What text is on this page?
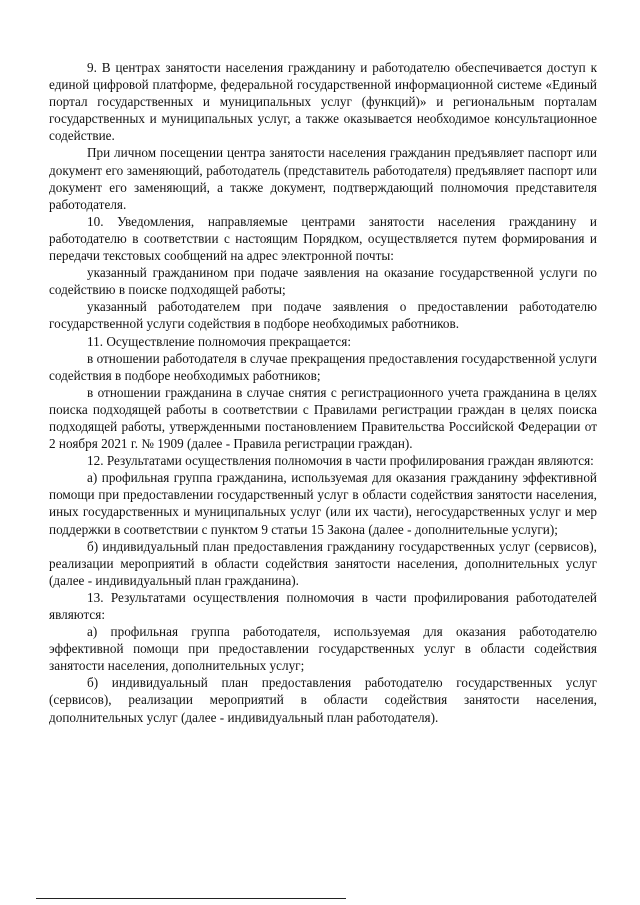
9. В центрах занятости населения гражданину и работодателю обеспечивается доступ к единой цифровой платформе, федеральной государственной информационной системе «Единый портал государственных и муниципальных услуг (функций)» и региональным порталам государственных и муниципальных услуг, а также оказывается необходимое консультационное содействие.

При личном посещении центра занятости населения гражданин предъявляет паспорт или документ его заменяющий, работодатель (представитель работодателя) предъявляет паспорт или документ его заменяющий, а также документ, подтверждающий полномочия представителя работодателя.

10. Уведомления, направляемые центрами занятости населения гражданину и работодателю в соответствии с настоящим Порядком, осуществляется путем формирования и передачи текстовых сообщений на адрес электронной почты:

указанный гражданином при подаче заявления на оказание государственной услуги по содействию в поиске подходящей работы;

указанный работодателем при подаче заявления о предоставлении работодателю государственной услуги содействия в подборе необходимых работников.

11. Осуществление полномочия прекращается:

в отношении работодателя в случае прекращения предоставления государственной услуги содействия в подборе необходимых работников;

в отношении гражданина в случае снятия с регистрационного учета гражданина в целях поиска подходящей работы в соответствии с Правилами регистрации граждан в целях поиска подходящей работы, утвержденными постановлением Правительства Российской Федерации от 2 ноября 2021 г. № 1909 (далее - Правила регистрации граждан).

12. Результатами осуществления полномочия в части профилирования граждан являются:

а) профильная группа гражданина, используемая для оказания гражданину эффективной помощи при предоставлении государственный услуг в области содействия занятости населения, иных государственных и муниципальных услуг (или их части), негосударственных услуг и мер поддержки в соответствии с пунктом 9 статьи 15 Закона (далее - дополнительные услуги);

б) индивидуальный план предоставления гражданину государственных услуг (сервисов), реализации мероприятий в области содействия занятости населения, дополнительных услуг (далее - индивидуальный план гражданина).

13. Результатами осуществления полномочия в части профилирования работодателей являются:

а) профильная группа работодателя, используемая для оказания работодателю эффективной помощи при предоставлении государственных услуг в области содействия занятости населения, дополнительных услуг;

б) индивидуальный план предоставления работодателю государственных услуг (сервисов), реализации мероприятий в области содействия занятости населения, дополнительных услуг (далее - индивидуальный план работодателя).
